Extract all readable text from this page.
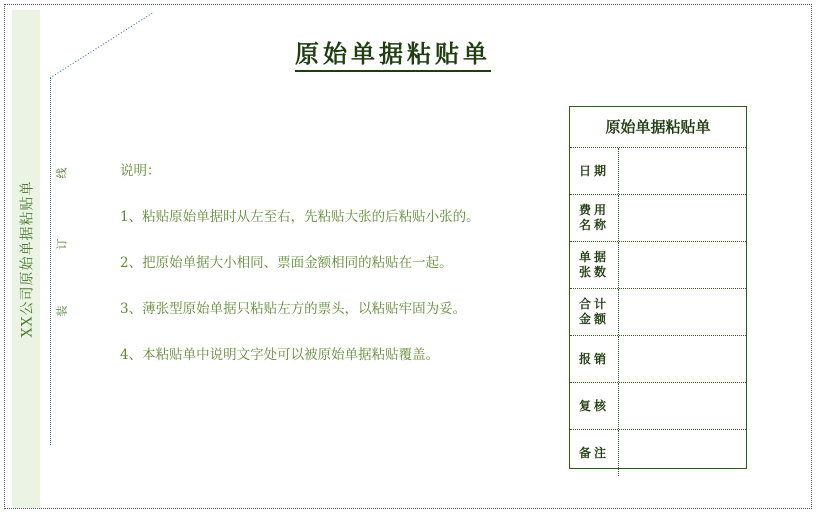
XX公司原始单据粘贴单
线
订
装
原始单据粘贴单

说明：

1、粘贴原始单据时从左至右，先粘贴大张的后粘贴小张的。

2、把原始单据大小相同、票面金额相同的粘贴在一起。

3、薄张型原始单据只粘贴左方的票头，以粘贴牢固为妥。

4、本粘贴单中说明文字处可以被原始单据粘贴覆盖。

原始单据粘贴单
日期
费用名称
单据张数
合计金额
报销
复核
备注
